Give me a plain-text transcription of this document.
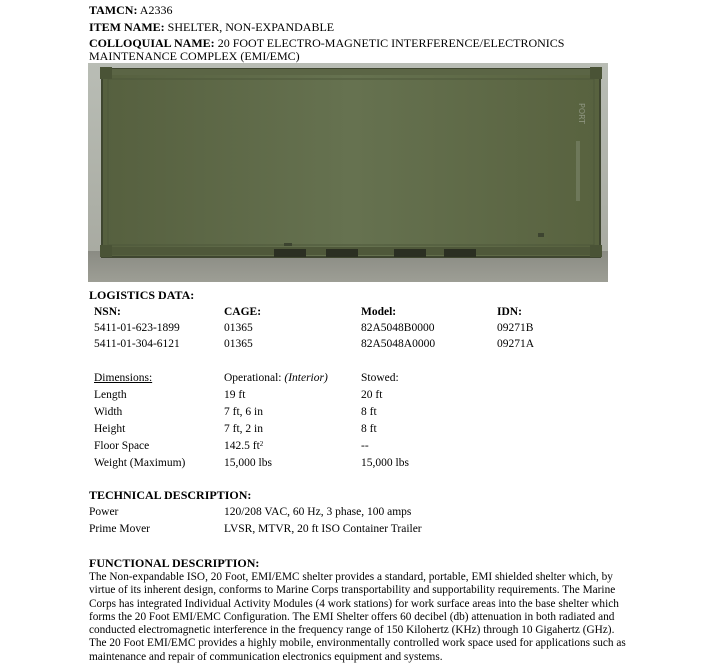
TAMCN: A2336
ITEM NAME: SHELTER, NON-EXPANDABLE
COLLOQUIAL NAME: 20 FOOT ELECTRO-MAGNETIC INTERFERENCE/ELECTRONICS
MAINTENANCE COMPLEX (EMI/EMC)
PORT
LOGISTICS DATA:
NSN:	CAGE:	Model:	IDN:
5411-01-623-1899	01365	82A5048B0000	09271B
5411-01-304-6121	01365	82A5048A0000	09271A
Dimensions:	Operational: (Interior)	Stowed:
Length	19 ft	20 ft
Width	7 ft, 6 in	8 ft
Height	7 ft, 2 in	8 ft
Floor Space	142.5 $ft^2$	--
Weight (Maximum)	15,000 lbs	15,000 lbs
TECHNICAL DESCRIPTION:
Power	120/208 VAC, 60 Hz, 3 phase, 100 amps
Prime Mover	LVSR, MTVR, 20 ft ISO Container Trailer
FUNCTIONAL DESCRIPTION:
The Non-expandable ISO, 20 Foot, EMI/EMC shelter provides a standard, portable, EMI shielded shelter which, by virtue of its inherent design, conforms to Marine Corps transportability and supportability requirements. The Marine Corps has integrated Individual Activity Modules (4 work stations) for work surface areas into the base shelter which forms the 20 Foot EMI/EMC Configuration. The EMI Shelter offers 60 decibel (db) attenuation in both radiated and conducted electromagnetic interference in the frequency range of 150 Kilohertz (KHz) through 10 Gigahertz (GHz). The 20 Foot EMI/EMC provides a highly mobile, environmentally controlled work space used for applications such as maintenance and repair of communication electronics equipment and systems.
